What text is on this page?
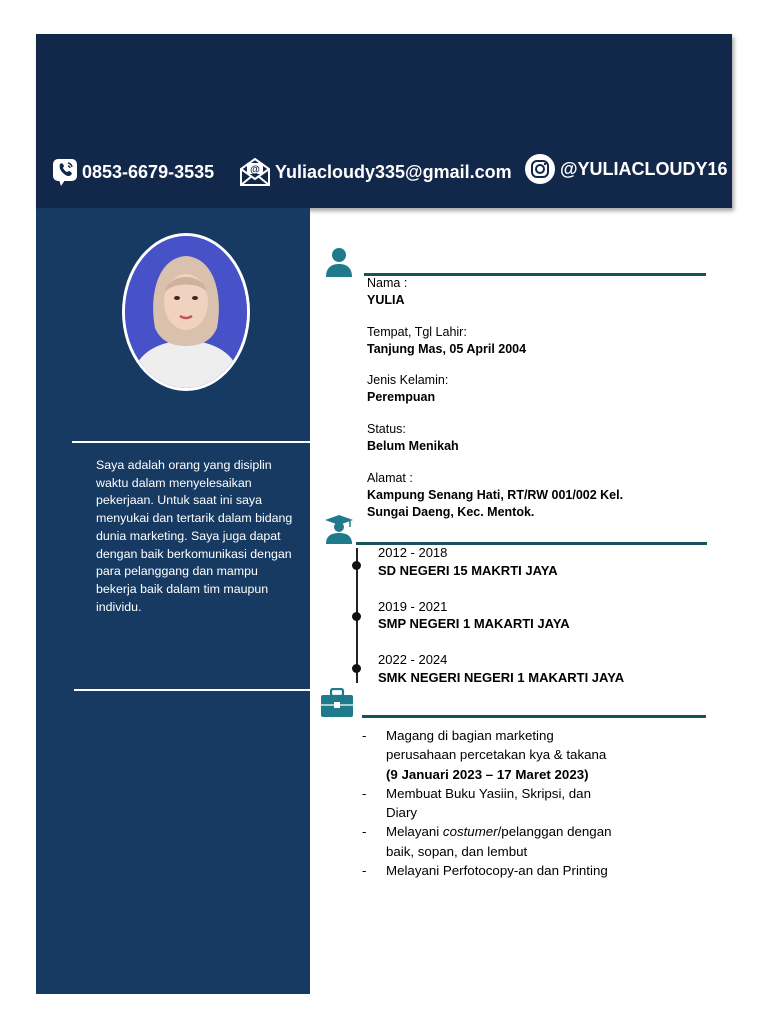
0853-6679-3535	@ Yuliacloudy335@gmail.com	@YULIACLOUDY16
Saya adalah orang yang disiplin waktu dalam menyelesaikan pekerjaan. Untuk saat ini saya menyukai dan tertarik dalam bidang dunia marketing. Saya juga dapat dengan baik berkomunikasi dengan para pelanggang dan mampu bekerja baik dalam tim maupun individu.
Nama :
YULIA
Tempat, Tgl Lahir:
Tanjung Mas, 05 April 2004
Jenis Kelamin:
Perempuan
Status:
Belum Menikah
Alamat :
Kampung Senang Hati, RT/RW 001/002 Kel.
Sungai Daeng, Kec. Mentok.
2012 - 2018
SD NEGERI 15 MAKRTI JAYA
2019 - 2021
SMP NEGERI 1 MAKARTI JAYA
2022 - 2024
SMK NEGERI NEGERI 1 MAKARTI JAYA
-	Magang di bagian marketing
perusahaan percetakan kya & takana
(9 Januari 2023 – 17 Maret 2023)
-	Membuat Buku Yasiin, Skripsi, dan Diary
-	Melayani costumer/pelanggan dengan baik, sopan, dan lembut
-	Melayani Perfotocopy-an dan Printing
